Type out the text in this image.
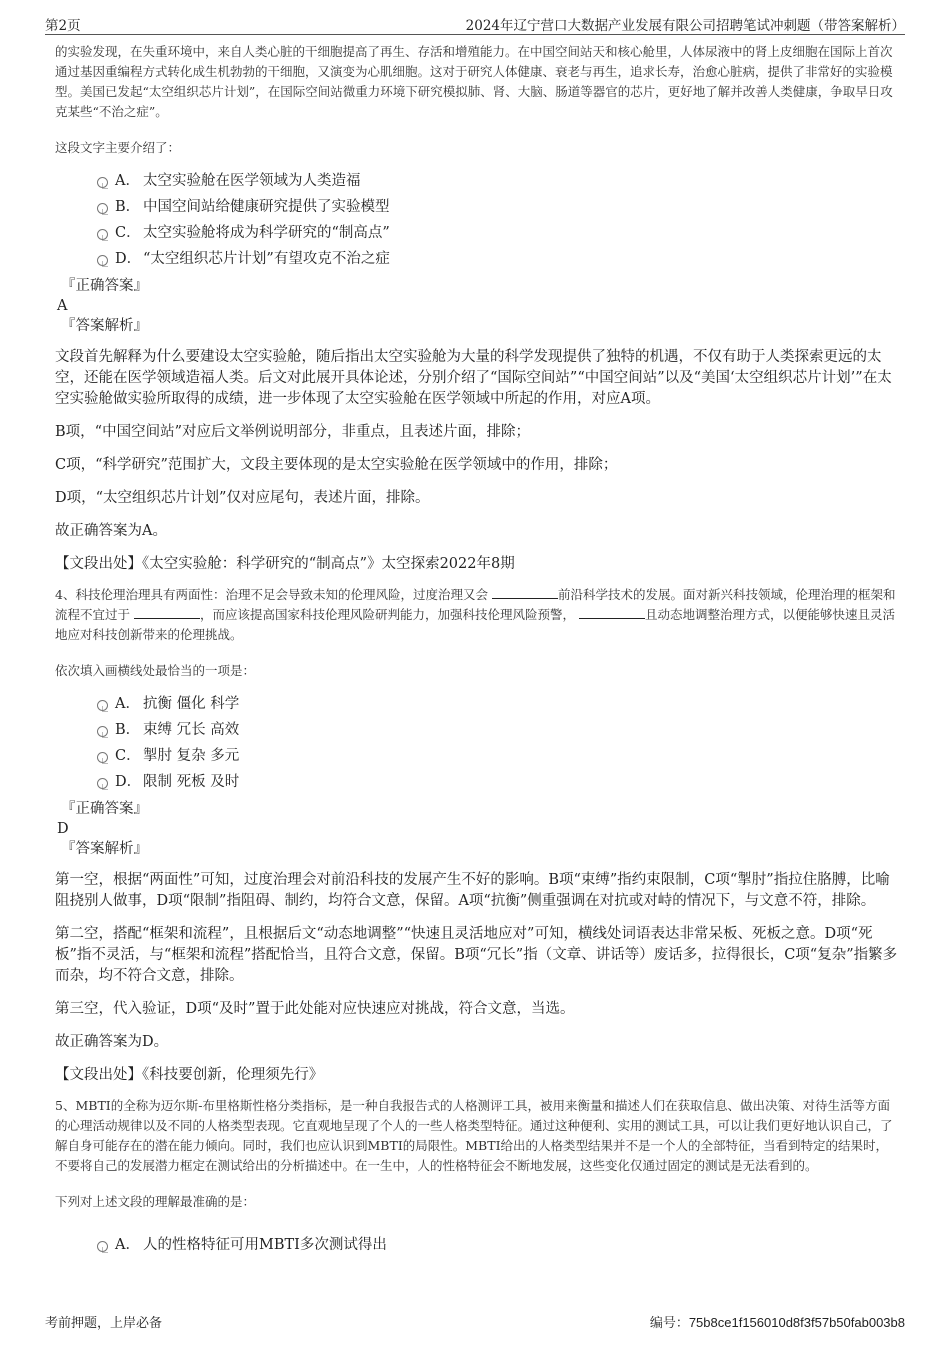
第2页	2024年辽宁营口大数据产业发展有限公司招聘笔试冲刺题（带答案解析）

的实验发现，在失重环境中，来自人类心脏的干细胞提高了再生、存活和增殖能力。在中国空间站天和核心舱里，人体尿液中的肾上皮细胞在国际上首次通过基因重编程方式转化成生机勃勃的干细胞，又演变为心肌细胞。这对于研究人体健康、衰老与再生，追求长寿，治愈心脏病，提供了非常好的实验模型。美国已发起“太空组织芯片计划”，在国际空间站微重力环境下研究模拟肺、肾、大脑、肠道等器官的芯片，更好地了解并改善人类健康，争取早日攻克某些“不治之症”。

这段文字主要介绍了：

A． 太空实验舱在医学领域为人类造福
B． 中国空间站给健康研究提供了实验模型
C． 太空实验舱将成为科学研究的“制高点”
D． “太空组织芯片计划”有望攻克不治之症

『正确答案』

A

『答案解析』

文段首先解释为什么要建设太空实验舱，随后指出太空实验舱为大量的科学发现提供了独特的机遇，不仅有助于人类探索更远的太空，还能在医学领域造福人类。后文对此展开具体论述，分别介绍了“国际空间站”“中国空间站”以及“美国‘太空组织芯片计划’”在太空实验舱做实验所取得的成绩，进一步体现了太空实验舱在医学领域中所起的作用，对应A项。

B项，“中国空间站”对应后文举例说明部分，非重点，且表述片面，排除；

C项，“科学研究”范围扩大，文段主要体现的是太空实验舱在医学领域中的作用，排除；

D项，“太空组织芯片计划”仅对应尾句，表述片面，排除。

故正确答案为A。

【文段出处】《太空实验舱：科学研究的“制高点”》太空探索2022年8期

4、科技伦理治理具有两面性：治理不足会导致未知的伦理风险，过度治理又会	前沿科学技术的发展。面对新兴科技领域，伦理治理的框架和流程不宜过于	，而应该提高国家科技伦理风险研判能力，加强科技伦理风险预警，	且动态地调整治理方式，以便能够快速且灵活地应对科技创新带来的伦理挑战。

依次填入画横线处最恰当的一项是：

A． 抗衡 僵化 科学
B． 束缚 冗长 高效
C． 掣肘 复杂 多元
D． 限制 死板 及时

『正确答案』

D

『答案解析』

第一空，根据“两面性”可知，过度治理会对前沿科技的发展产生不好的影响。B项“束缚”指约束限制，C项“掣肘”指拉住胳膊，比喻阻挠别人做事，D项“限制”指阻碍、制约，均符合文意，保留。A项“抗衡”侧重强调在对抗或对峙的情况下，与文意不符，排除。

第二空，搭配“框架和流程”，且根据后文“动态地调整”“快速且灵活地应对”可知，横线处词语表达非常呆板、死板之意。D项“死板”指不灵活，与“框架和流程”搭配恰当，且符合文意，保留。B项“冗长”指（文章、讲话等）废话多，拉得很长，C项“复杂”指繁多而杂，均不符合文意，排除。

第三空，代入验证，D项“及时”置于此处能对应快速应对挑战，符合文意，当选。

故正确答案为D。

【文段出处】《科技要创新，伦理须先行》

5、MBTI的全称为迈尔斯-布里格斯性格分类指标，是一种自我报告式的人格测评工具，被用来衡量和描述人们在获取信息、做出决策、对待生活等方面的心理活动规律以及不同的人格类型表现。它直观地呈现了个人的一些人格类型特征。通过这种便利、实用的测试工具，可以让我们更好地认识自己，了解自身可能存在的潜在能力倾向。同时，我们也应认识到MBTI的局限性。MBTI给出的人格类型结果并不是一个人的全部特征，当看到特定的结果时，不要将自己的发展潜力框定在测试给出的分析描述中。在一生中，人的性格特征会不断地发展，这些变化仅通过固定的测试是无法看到的。

下列对上述文段的理解最准确的是：

A． 人的性格特征可用MBTI多次测试得出
考前押题，上岸必备	编号：75b8ce1f156010d8f3f57b50fab003b8
